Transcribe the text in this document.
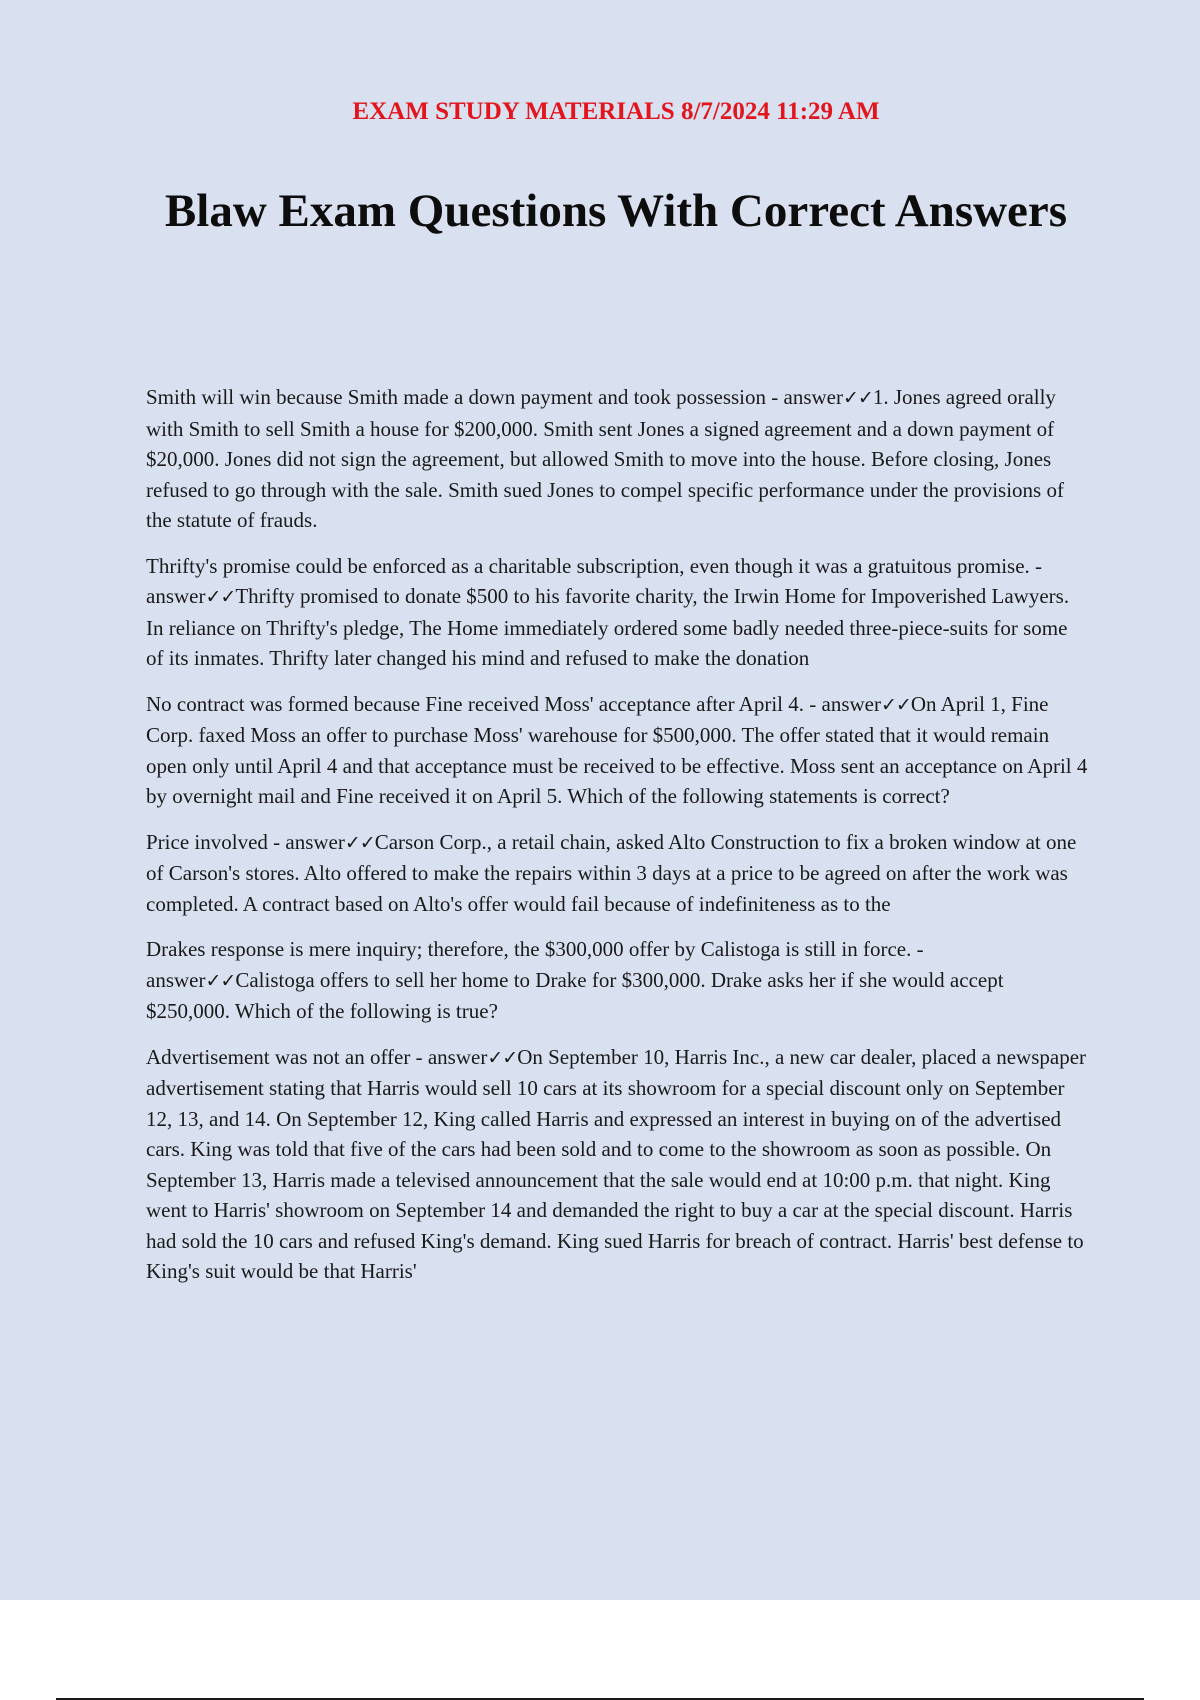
EXAM STUDY MATERIALS 8/7/2024 11:29 AM
Blaw Exam Questions With Correct Answers

Smith will win because Smith made a down payment and took possession - answer✓✓1. Jones agreed orally with Smith to sell Smith a house for $200,000. Smith sent Jones a signed agreement and a down payment of $20,000. Jones did not sign the agreement, but allowed Smith to move into the house. Before closing, Jones refused to go through with the sale. Smith sued Jones to compel specific performance under the provisions of the statute of frauds.

Thrifty's promise could be enforced as a charitable subscription, even though it was a gratuitous promise. - answer✓✓Thrifty promised to donate $500 to his favorite charity, the Irwin Home for Impoverished Lawyers. In reliance on Thrifty's pledge, The Home immediately ordered some badly needed three-piece-suits for some of its inmates. Thrifty later changed his mind and refused to make the donation

No contract was formed because Fine received Moss' acceptance after April 4. - answer✓✓On April 1, Fine Corp. faxed Moss an offer to purchase Moss' warehouse for $500,000. The offer stated that it would remain open only until April 4 and that acceptance must be received to be effective. Moss sent an acceptance on April 4 by overnight mail and Fine received it on April 5. Which of the following statements is correct?

Price involved - answer✓✓Carson Corp., a retail chain, asked Alto Construction to fix a broken window at one of Carson's stores. Alto offered to make the repairs within 3 days at a price to be agreed on after the work was completed. A contract based on Alto's offer would fail because of indefiniteness as to the

Drakes response is mere inquiry; therefore, the $300,000 offer by Calistoga is still in force. - answer✓✓Calistoga offers to sell her home to Drake for $300,000. Drake asks her if she would accept $250,000. Which of the following is true?

Advertisement was not an offer - answer✓✓On September 10, Harris Inc., a new car dealer, placed a newspaper advertisement stating that Harris would sell 10 cars at its showroom for a special discount only on September 12, 13, and 14. On September 12, King called Harris and expressed an interest in buying on of the advertised cars. King was told that five of the cars had been sold and to come to the showroom as soon as possible. On September 13, Harris made a televised announcement that the sale would end at 10:00 p.m. that night. King went to Harris' showroom on September 14 and demanded the right to buy a car at the special discount. Harris had sold the 10 cars and refused King's demand. King sued Harris for breach of contract. Harris' best defense to King's suit would be that Harris'
